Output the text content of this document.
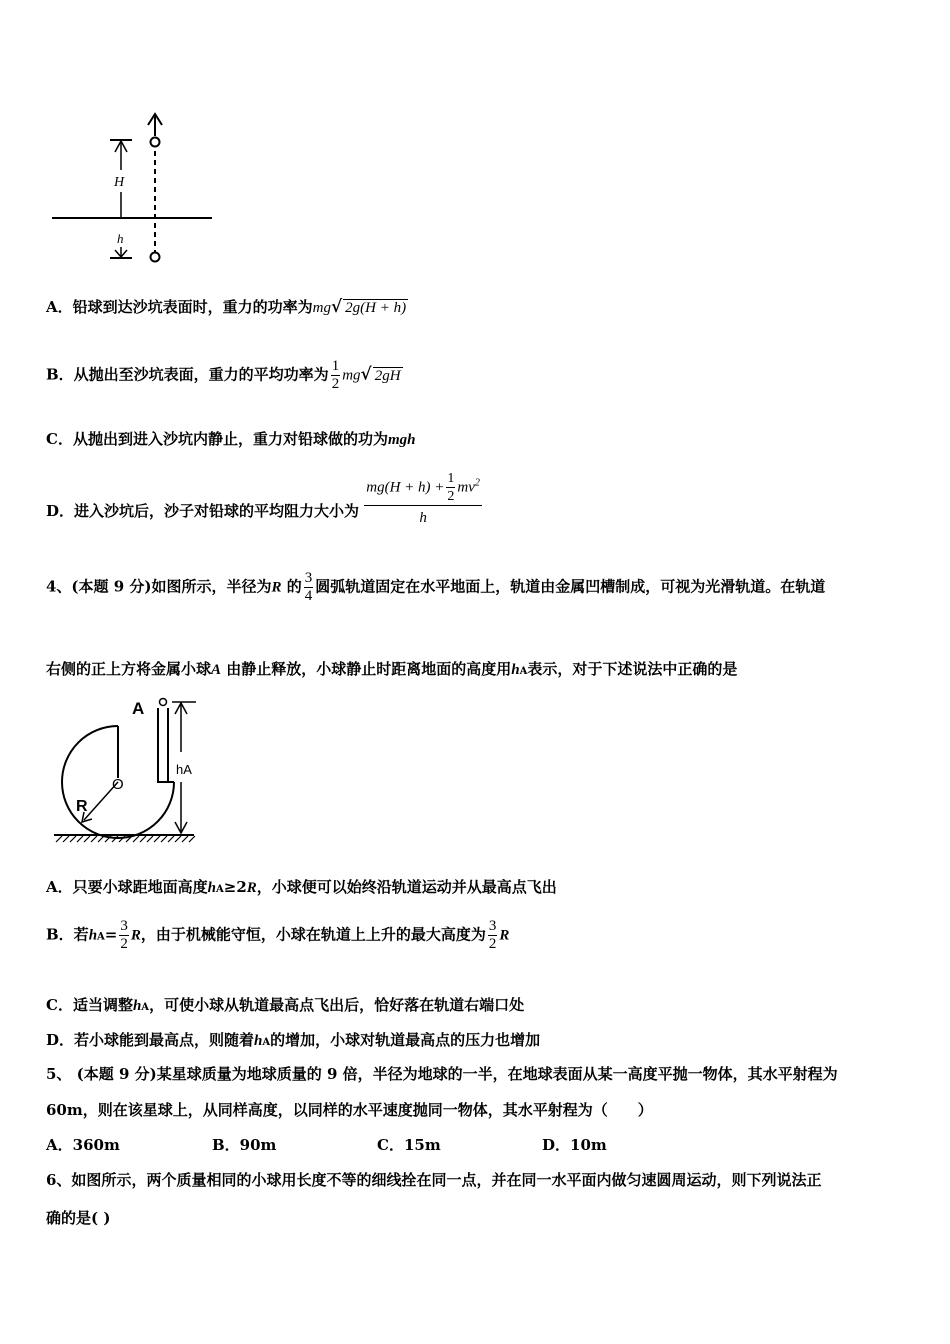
H
h
A．铅球到达沙坑表面时，重力的功率为mg√ 2g(H + h)
B．从抛出至沙坑表面，重力的平均功率为 $\frac{1}{2} mg√$ 2gH
C．从抛出到进入沙坑内静止，重力对铅球做的功为mgh
D．进入沙坑后，沙子对铅球的平均阻力大小为 $\frac{mg(H + h) + \frac{1}{2} mv^2}{h}$
4、(本题 9 分)如图所示，半径为R 的 $\frac{3}{4}$ 圆弧轨道固定在水平地面上，轨道由金属凹槽制成，可视为光滑轨道。在轨道
右侧的正上方将金属小球A 由静止释放，小球静止时距离地面的高度用hA表示，对于下述说法中正确的是
A
hA
O
R
A．只要小球距地面高度hA≥2R，小球便可以始终沿轨道运动并从最高点飞出
B．若$hA= \frac{3}{2}$ R，由于机械能守恒，小球在轨道上上升的最大高度为 $\frac{3}{2}$ R
C．适当调整hA，可使小球从轨道最高点飞出后，恰好落在轨道右端口处
D．若小球能到最高点，则随着hA的增加，小球对轨道最高点的压力也增加
5、 (本题 9 分)某星球质量为地球质量的 9 倍，半径为地球的一半，在地球表面从某一高度平抛一物体，其水平射程为
60m，则在该星球上，从同样高度，以同样的水平速度抛同一物体，其水平射程为（　　）
A．360m	B．90m	C．15m	D．10m
6、如图所示，两个质量相同的小球用长度不等的细线拴在同一点，并在同一水平面内做匀速圆周运动，则下列说法正
确的是( )
